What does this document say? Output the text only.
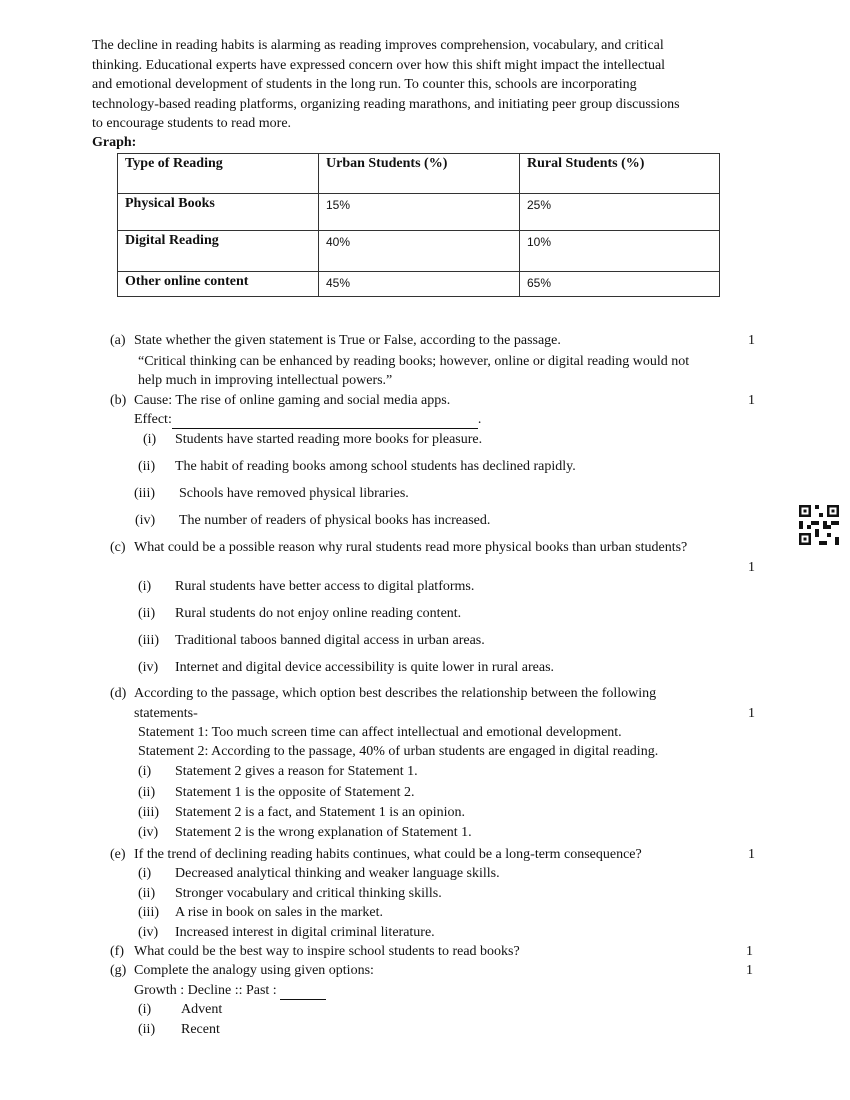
The decline in reading habits is alarming as reading improves comprehension, vocabulary, and critical
thinking. Educational experts have expressed concern over how this shift might impact the intellectual
and emotional development of students in the long run. To counter this, schools are incorporating
technology-based reading platforms, organizing reading marathons, and initiating peer group discussions
to encourage students to read more.
Graph:
Type of Reading	Urban Students (%)	Rural Students (%)
Physical Books	15%	25%
Digital Reading	40%	10%
Other online content	45%	65%
(a) State whether the given statement is True or False, according to the passage.	1
“Critical thinking can be enhanced by reading books; however, online or digital reading would not
help much in improving intellectual powers.”
(b) Cause: The rise of online gaming and social media apps.	1
Effect:	.
(i) Students have started reading more books for pleasure.
(ii) The habit of reading books among school students has declined rapidly.
(iii) Schools have removed physical libraries.
(iv) The number of readers of physical books has increased.
(c) What could be a possible reason why rural students read more physical books than urban students?
1
(i) Rural students have better access to digital platforms.
(ii) Rural students do not enjoy online reading content.
(iii) Traditional taboos banned digital access in urban areas.
(iv) Internet and digital device accessibility is quite lower in rural areas.
(d) According to the passage, which option best describes the relationship between the following
statements-	1
Statement 1: Too much screen time can affect intellectual and emotional development.
Statement 2: According to the passage, 40% of urban students are engaged in digital reading.
(i) Statement 2 gives a reason for Statement 1.
(ii) Statement 1 is the opposite of Statement 2.
(iii) Statement 2 is a fact, and Statement 1 is an opinion.
(iv) Statement 2 is the wrong explanation of Statement 1.
(e) If the trend of declining reading habits continues, what could be a long-term consequence?	1
(i) Decreased analytical thinking and weaker language skills.
(ii) Stronger vocabulary and critical thinking skills.
(iii) A rise in book on sales in the market.
(iv) Increased interest in digital criminal literature.
(f) What could be the best way to inspire school students to read books?	1
(g) Complete the analogy using given options:	1
Growth : Decline :: Past :
(i) Advent
(ii) Recent
